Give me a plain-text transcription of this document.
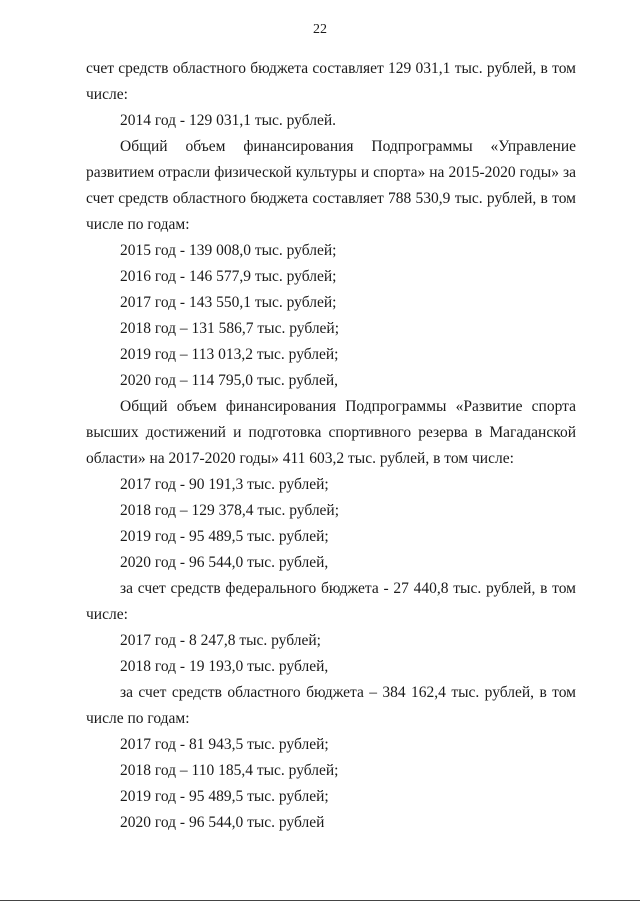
22
счет средств областного бюджета составляет 129 031,1 тыс. рублей, в том
числе:
2014 год - 129 031,1 тыс. рублей.
Общий объем финансирования Подпрограммы «Управление
развитием отрасли физической культуры и спорта» на 2015-2020 годы» за
счет средств областного бюджета составляет 788 530,9 тыс. рублей, в том
числе по годам:
2015 год - 139 008,0 тыс. рублей;
2016 год - 146 577,9 тыс. рублей;
2017 год - 143 550,1 тыс. рублей;
2018 год – 131 586,7 тыс. рублей;
2019 год – 113 013,2 тыс. рублей;
2020 год – 114 795,0 тыс. рублей,
Общий объем финансирования Подпрограммы «Развитие спорта
высших достижений и подготовка спортивного резерва в Магаданской
области» на 2017-2020 годы» 411 603,2 тыс. рублей, в том числе:
2017 год - 90 191,3 тыс. рублей;
2018 год – 129 378,4 тыс. рублей;
2019 год - 95 489,5 тыс. рублей;
2020 год - 96 544,0 тыс. рублей,
за счет средств федерального бюджета - 27 440,8 тыс. рублей, в том
числе:
2017 год - 8 247,8 тыс. рублей;
2018 год - 19 193,0 тыс. рублей,
за счет средств областного бюджета – 384 162,4 тыс. рублей, в том
числе по годам:
2017 год - 81 943,5 тыс. рублей;
2018 год – 110 185,4 тыс. рублей;
2019 год - 95 489,5 тыс. рублей;
2020 год - 96 544,0 тыс. рублей
